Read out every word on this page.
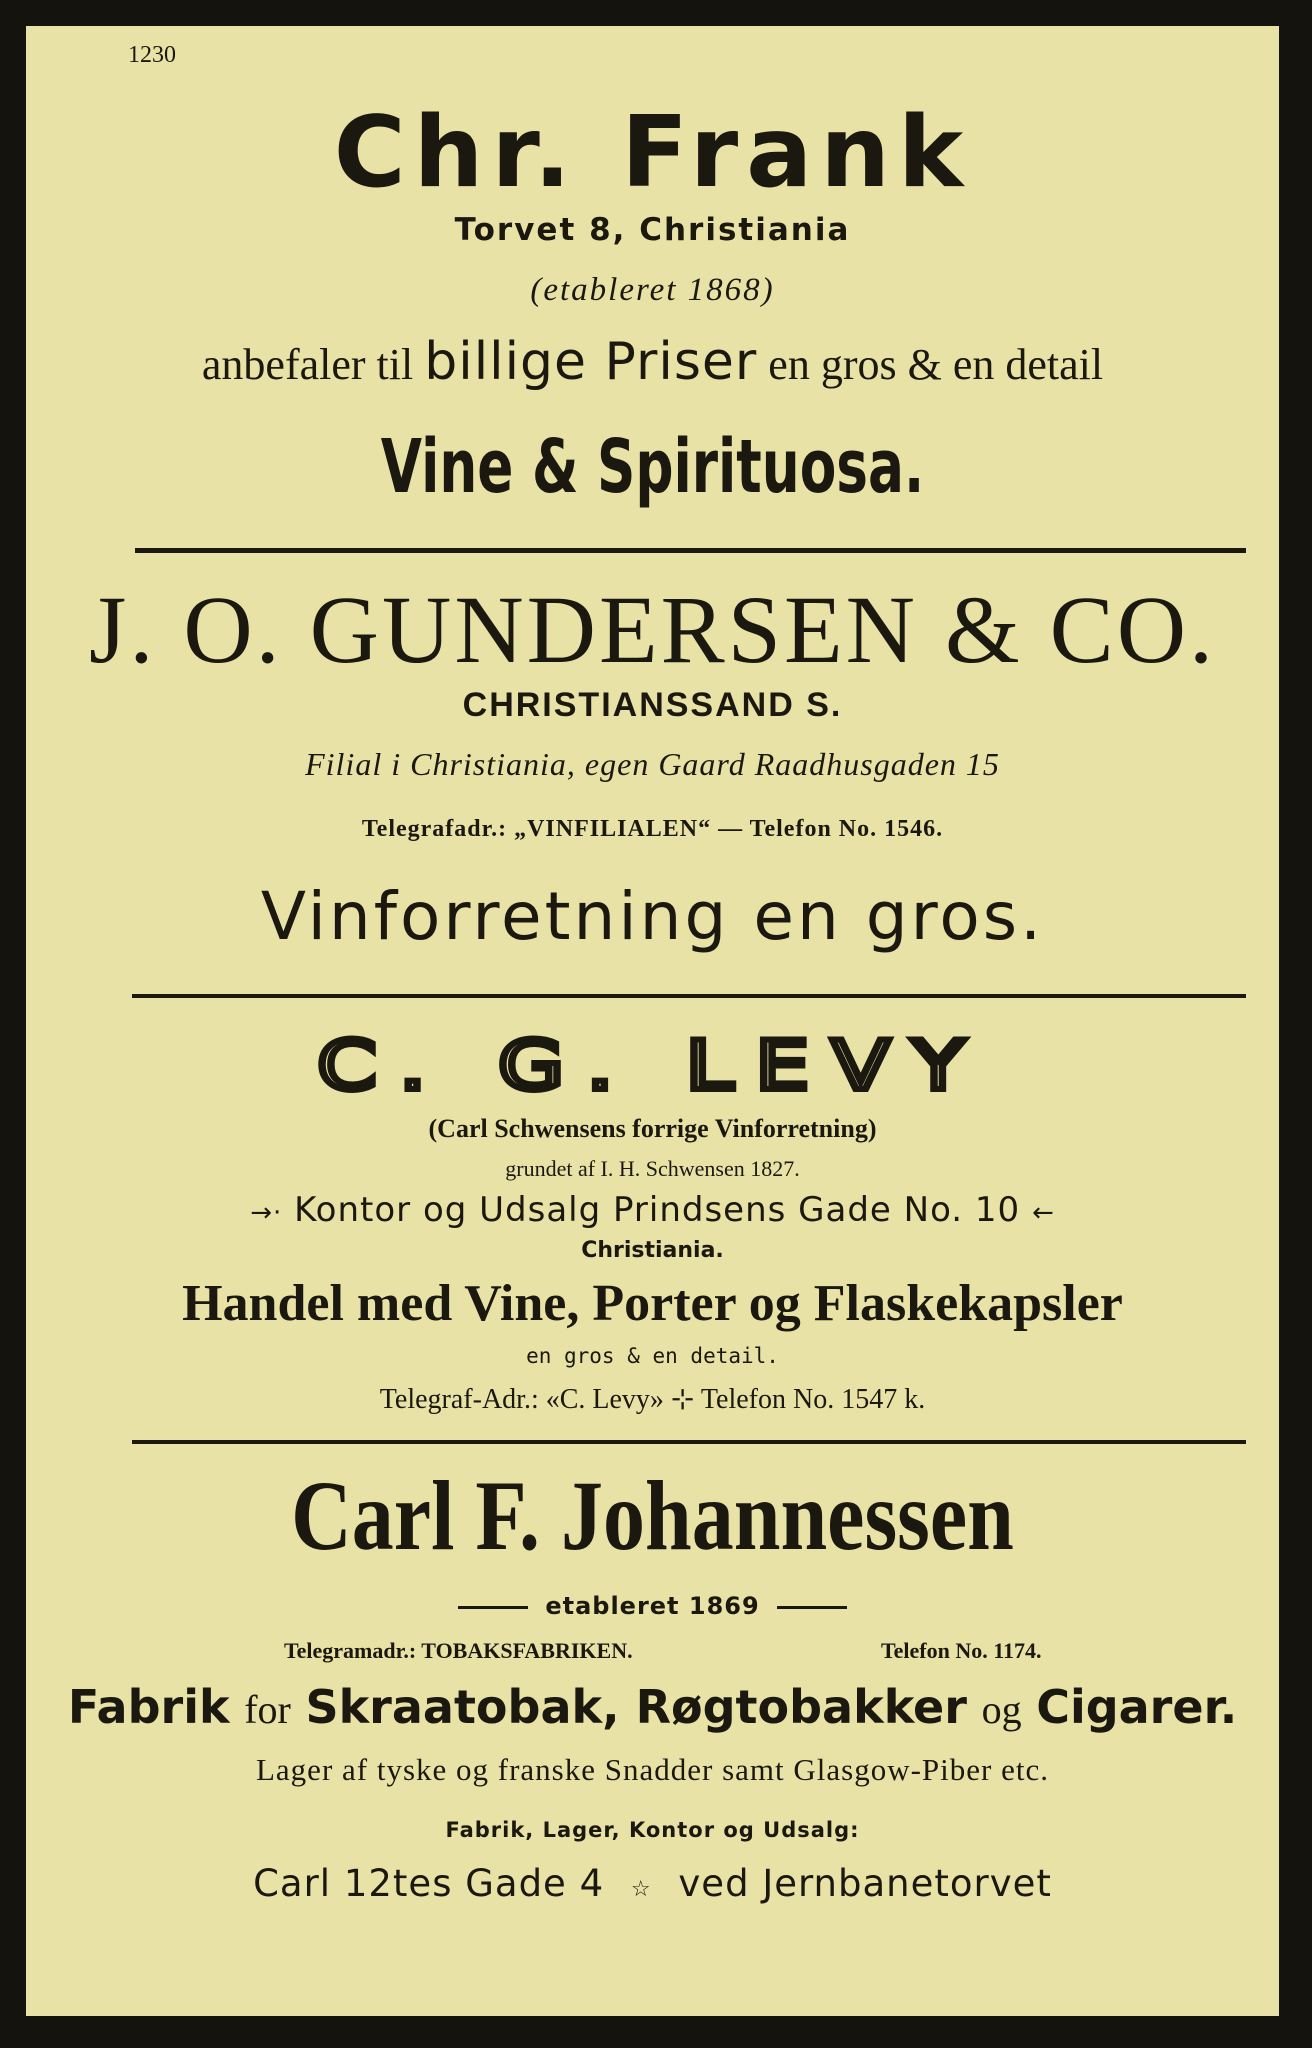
1230
Chr. Frank
Torvet 8, Christiania
(etableret 1868)
anbefaler til billige Priser en gros & en detail
Vine & Spirituosa.
J. O. GUNDERSEN & CO.
CHRISTIANSSAND S.
Filial i Christiania, egen Gaard Raadhusgaden 15
Telegrafadr.: „VINFILIALEN“ — Telefon No. 1546.
Vinforretning en gros.
C. G. LEVY
(Carl Schwensens forrige Vinforretning)
grundet af I. H. Schwensen 1827.
→· Kontor og Udsalg Prindsens Gade No. 10 ←
Christiania.
Handel med Vine, Porter og Flaskekapsler
en gros & en detail.
Telegraf-Adr.: «C. Levy» ⊹ Telefon No. 1547 k.
Carl F. Johannessen
etableret 1869
Telegramadr.: TOBAKSFABRIKEN.	Telefon No. 1174.
Fabrik for Skraatobak, Røgtobakker og Cigarer.
Lager af tyske og franske Snadder samt Glasgow-Piber etc.
Fabrik, Lager, Kontor og Udsalg:
Carl 12tes Gade 4 ☆ ved Jernbanetorvet
